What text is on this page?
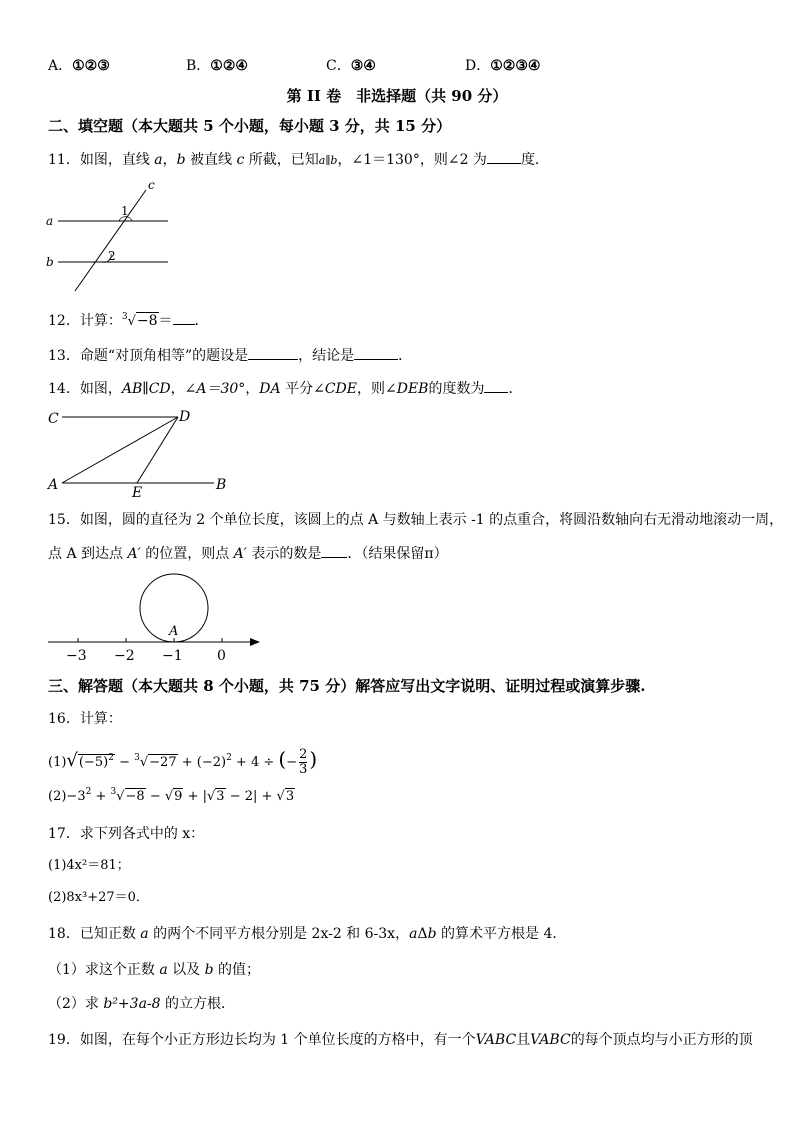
A．①②③	B．①②④	C．③④	D．①②③④
第 II 卷　非选择题（共 90 分）
二、填空题（本大题共 5 个小题，每小题 3 分，共 15 分）
11．如图，直线 a，b 被直线 c 所截，已知a∥b，∠1＝130°，则∠2 为 度．
c
a
b
1
2
12．计算：$^3$√−8＝ ．
13．命题“对顶角相等”的题设是	，结论是	．
14．如图，AB∥CD，∠A＝30°，DA 平分∠CDE，则∠DEB的度数为 ．
C	D
A	E	B
15．如图，圆的直径为 2 个单位长度，该圆上的点 A 与数轴上表示 -1 的点重合，将圆沿数轴向右无滑动地滚动一周，
点 A 到达点 A′ 的位置，则点 A′ 表示的数是 ．（结果保留π）
A
−3 −2 −1 0
三、解答题（本大题共 8 个小题，共 75 分）解答应写出文字说明、证明过程或演算步骤.
16．计算：
$(1)√(-5)^2 - ^3√-27 + (-2)^2 + 4$ ÷ (− $\frac{2}{3}$ )
$(2)-3^2 + ^3√-8 - √9 + |√3 - 2| + √3$
17．求下列各式中的 x：
(1)4x²＝81；
(2)8x³+27＝0．
18．已知正数 a 的两个不同平方根分别是 2x-2 和 6-3x，aΔb 的算术平方根是 4．
（1）求这个正数 a 以及 b 的值；
（2）求 b²+3a-8 的立方根．
19．如图，在每个小正方形边长均为 1 个单位长度的方格中，有一个VABC且VABC的每个顶点均与小正方形的顶
